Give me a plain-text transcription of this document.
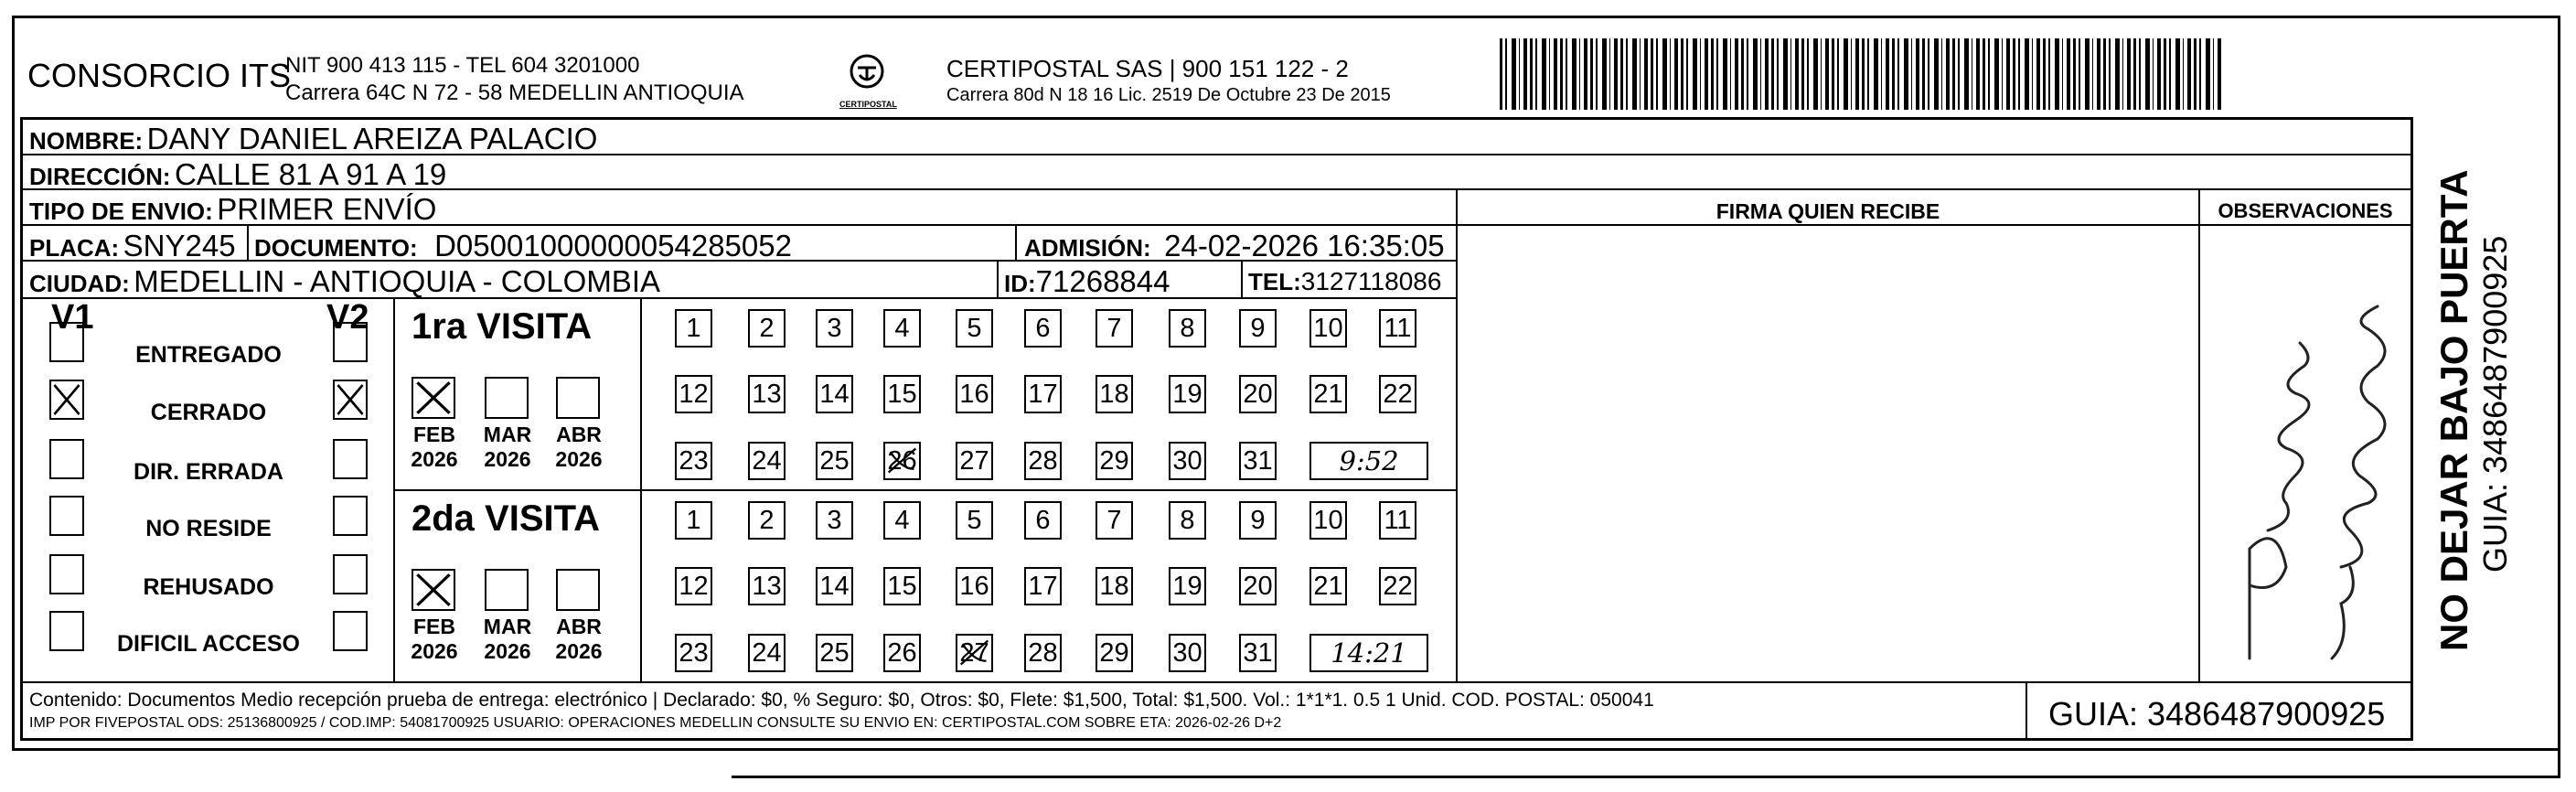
CONSORCIO ITS
NIT 900 413 115 - TEL 604 3201000
Carrera 64C N 72 - 58 MEDELLIN ANTIOQUIA	CERTIPOSTAL
CERTIPOSTAL SAS | 900 151 122 - 2
Carrera 80d N 18 16 Lic. 2519 De Octubre 23 De 2015
NOMBRE: DANY DANIEL AREIZA PALACIO
DIRECCIÓN: CALLE 81 A 91 A 19
TIPO DE ENVIO: PRIMER ENVÍO	FIRMA QUIEN RECIBE	OBSERVACIONES
PLACA: SNY245 DOCUMENTO: D05001000000054285052	ADMISIÓN: 24-02-2026 16:35:05
CIUDAD: MEDELLIN - ANTIOQUIA - COLOMBIA	ID:71268844	TEL:3127118086
V1	V2
ENTREGADO
CERRADO
DIR. ERRADA
NO RESIDE
REHUSADO
DIFICIL ACCESO
1ra VISITA
FEB
2026
MAR
2026
ABR
2026
1	2	3	4	5	6	7	8	9	10 11
12 13 14 15 16 17 18 19 20 21 22
23 24 25 26 27 28 29 30 31	9:52
2da VISITA
FEB
2026
MAR
2026
ABR
2026
1	2	3	4	5	6	7	8	9	10 11
12 13 14 15 16 17 18 19 20 21 22
23 24 25 26 27 28 29 30 31	14:21
Contenido: Documentos Medio recepción prueba de entrega: electrónico | Declarado: $0, % Seguro: $0, Otros: $0, Flete: $1,500, Total: $1,500. Vol.: 1*1*1. 0.5 1 Unid. COD. POSTAL: 050041
IMP POR FIVEPOSTAL ODS: 25136800925 / COD.IMP: 54081700925 USUARIO: OPERACIONES MEDELLIN CONSULTE SU ENVIO EN: CERTIPOSTAL.COM SOBRE ETA: 2026-02-26 D+2	GUIA: 3486487900925
NO DEJAR BAJO PUERTA GUIA: 3486487900925
